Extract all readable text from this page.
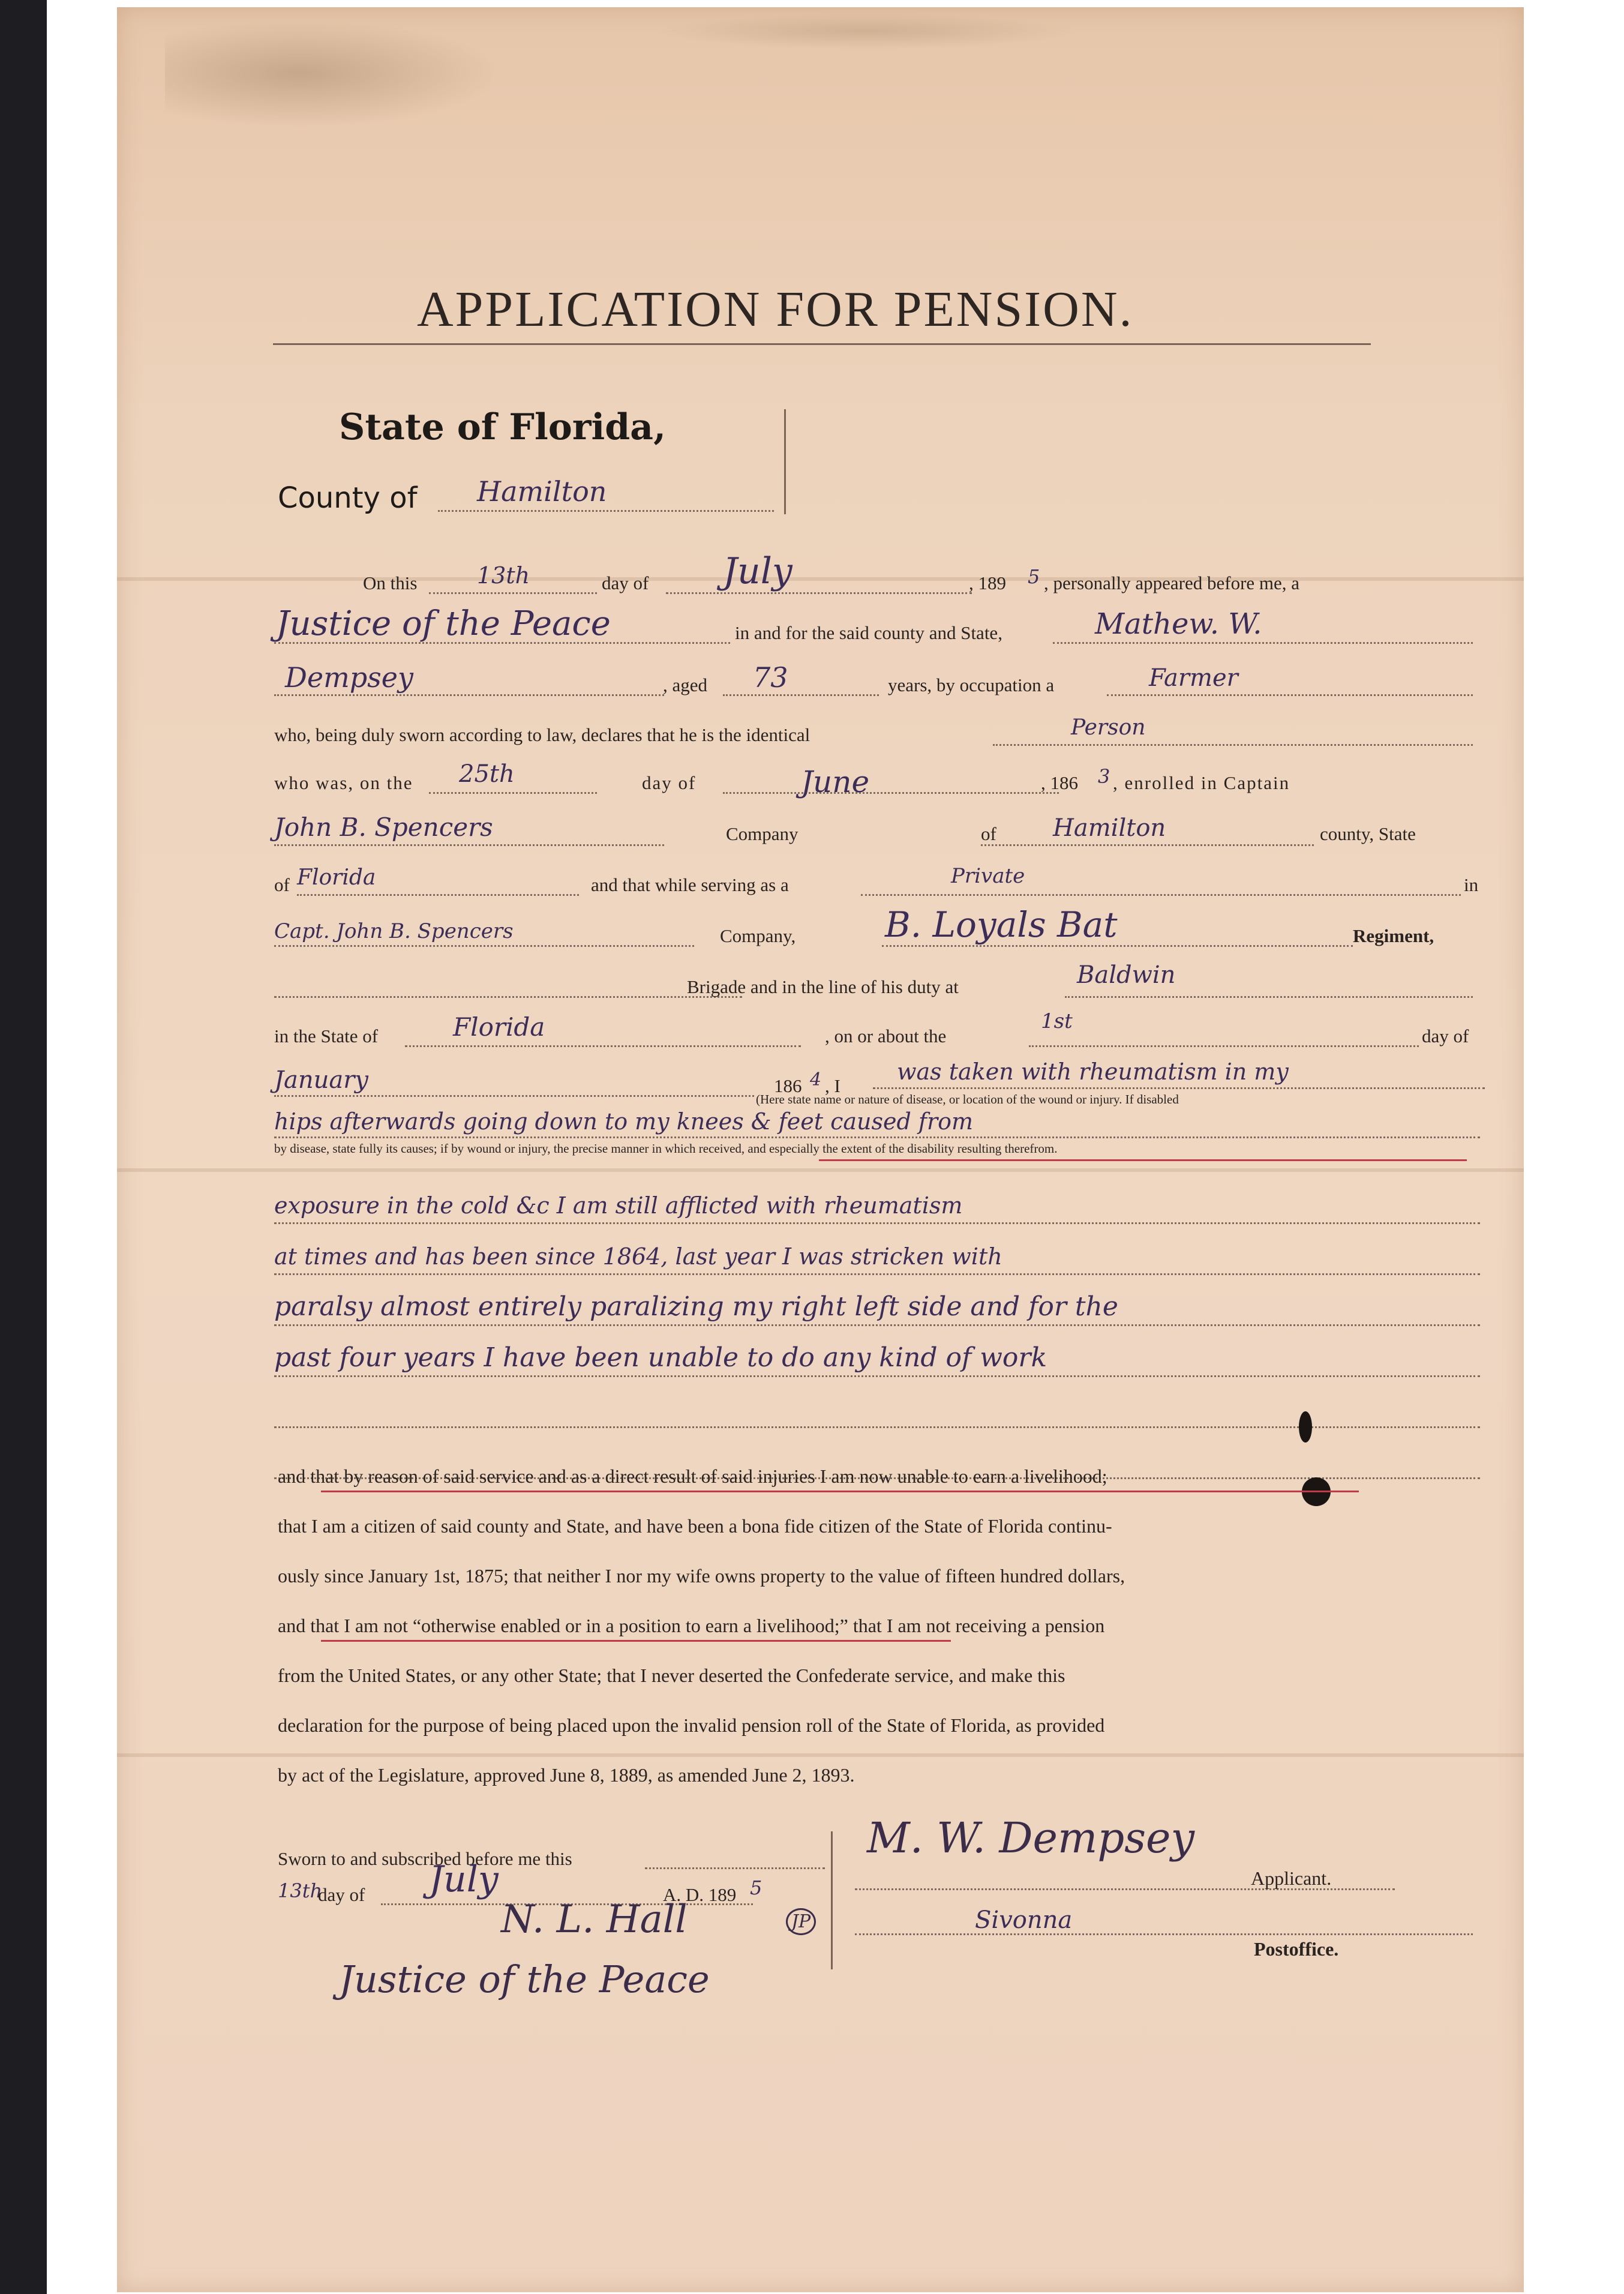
APPLICATION FOR PENSION.
State of Florida,
County of Hamilton
On this	13th	day of July	, 189 5 , personally appeared before me, a
Justice of the Peace	in and for the said county and State,	Mathew. W.
Dempsey	, aged 73	years, by occupation a	Farmer
who, being duly sworn according to law, declares that he is the identical	Person
who was, on the 25th	day of	June	, 186 3 , enrolled in Captain
John B. Spencers	Company	of Hamilton	county, State
of Florida	and that while serving as a	Private	in
Capt. John B. Spencers	Company,	B. Loyals Bat	Regiment,
Brigade and in the line of his duty at	Baldwin
in the State of	Florida	, on or about the
1st
day of
January	186 4 , I
was taken with rheumatism in my
(Here state name or nature of disease, or location of the wound or injury. If disabled
hips afterwards going down to my knees & feet caused from
by disease, state fully its causes; if by wound or injury, the precise manner in which received, and especially the extent of the disability resulting therefrom.
exposure in the cold &c I am still afflicted with rheumatism
at times and has been since 1864, last year I was stricken with
paralsy almost entirely paralizing my right left side and for the
past four years I have been unable to do any kind of work
and that by reason of said service and as a direct result of said injuries I am now unable to earn a livelihood;
that I am a citizen of said county and State, and have been a bona fide citizen of the State of Florida continu-
ously since January 1st, 1875; that neither I nor my wife owns property to the value of fifteen hundred dollars,
and that I am not “otherwise enabled or in a position to earn a livelihood;” that I am not receiving a pension
from the United States, or any other State; that I never deserted the Confederate service, and make this
declaration for the purpose of being placed upon the invalid pension roll of the State of Florida, as provided
by act of the Legislature, approved June 8, 1889, as amended June 2, 1893.
Sworn to and subscribed before me this
13th
day of July	A. D. 189 5
N. L. Hall	JP
Justice of the Peace
M. W. Dempsey
Applicant.
Sivonna
Postoffice.
